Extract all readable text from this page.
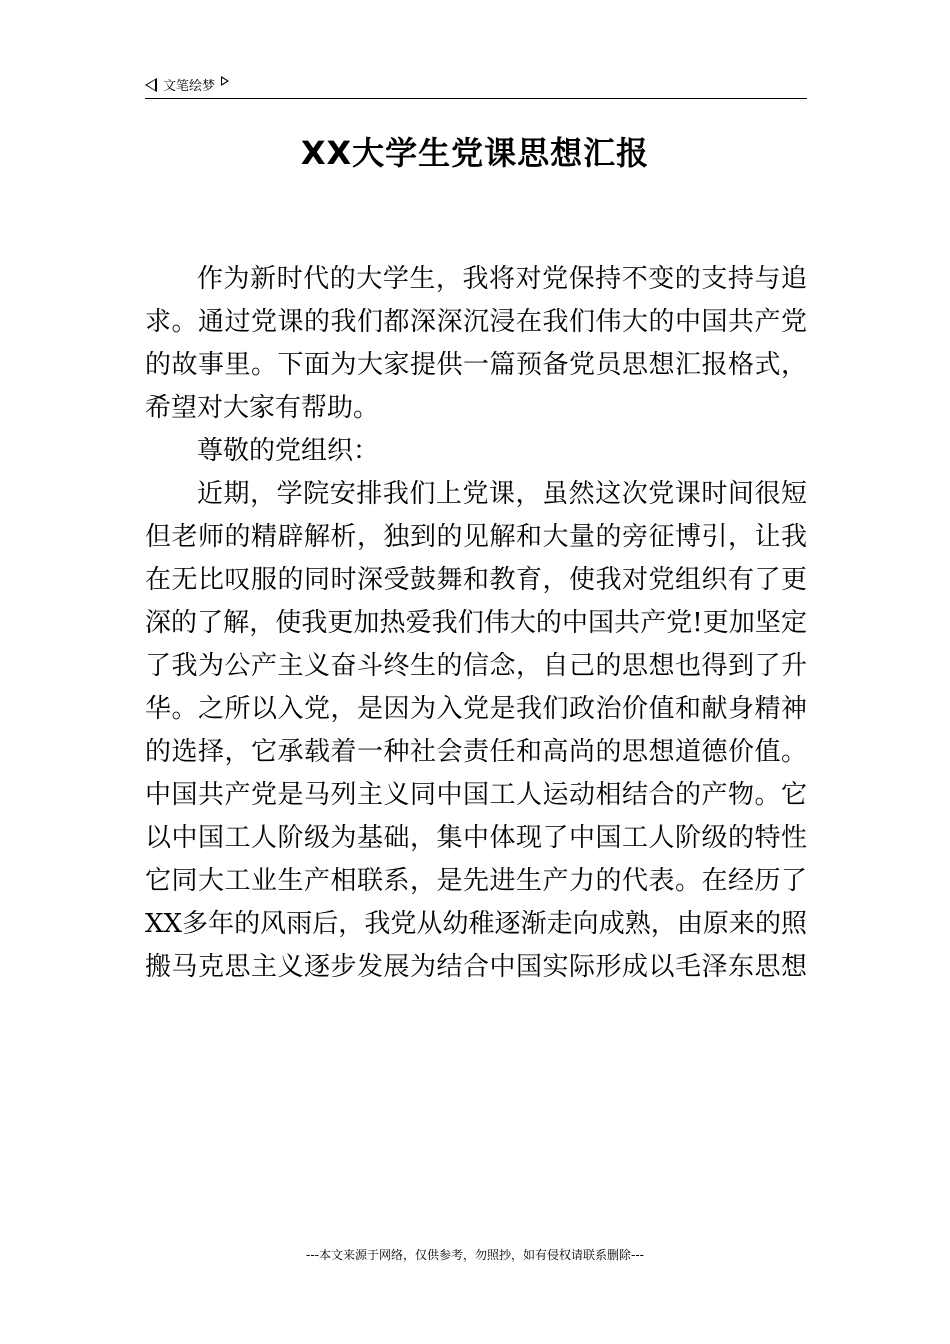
文笔绘梦
XX大学生党课思想汇报
作为新时代的大学生，我将对党保持不变的支持与追
求。通过党课的我们都深深沉浸在我们伟大的中国共产党
的故事里。下面为大家提供一篇预备党员思想汇报格式，
希望对大家有帮助。
尊敬的党组织：
近期，学院安排我们上党课，虽然这次党课时间很短
但老师的精辟解析，独到的见解和大量的旁征博引，让我
在无比叹服的同时深受鼓舞和教育，使我对党组织有了更
深的了解，使我更加热爱我们伟大的中国共产党!更加坚定
了我为公产主义奋斗终生的信念，自己的思想也得到了升
华。之所以入党，是因为入党是我们政治价值和献身精神
的选择，它承载着一种社会责任和高尚的思想道德价值。
中国共产党是马列主义同中国工人运动相结合的产物。它
以中国工人阶级为基础，集中体现了中国工人阶级的特性
它同大工业生产相联系，是先进生产力的代表。在经历了
XX多年的风雨后，我党从幼稚逐渐走向成熟，由原来的照
搬马克思主义逐步发展为结合中国实际形成以毛泽东思想
---本文来源于网络，仅供参考，勿照抄，如有侵权请联系删除---
